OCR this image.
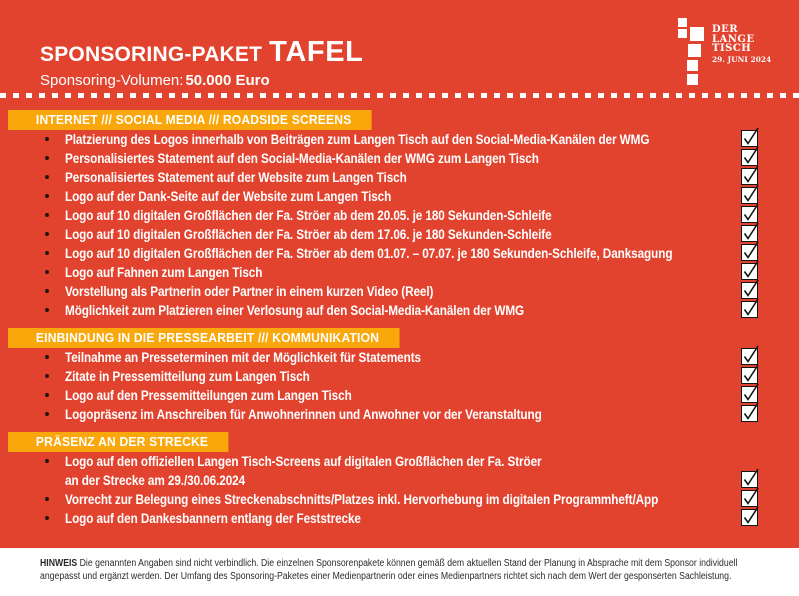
SPONSORING-PAKET TAFEL
Sponsoring-Volumen: 50.000 Euro
DER
LANGE
TISCH
29. JUNI 2024
INTERNET /// SOCIAL MEDIA /// ROADSIDE SCREENS
Platzierung des Logos innerhalb von Beiträgen zum Langen Tisch auf den Social-Media-Kanälen der WMG
Personalisiertes Statement auf den Social-Media-Kanälen der WMG zum Langen Tisch
Personalisiertes Statement auf der Website zum Langen Tisch
Logo auf der Dank-Seite auf der Website zum Langen Tisch
Logo auf 10 digitalen Großflächen der Fa. Ströer ab dem 20.05. je 180 Sekunden-Schleife
Logo auf 10 digitalen Großflächen der Fa. Ströer ab dem 17.06. je 180 Sekunden-Schleife
Logo auf 10 digitalen Großflächen der Fa. Ströer ab dem 01.07. – 07.07. je 180 Sekunden-Schleife, Danksagung
Logo auf Fahnen zum Langen Tisch
Vorstellung als Partnerin oder Partner in einem kurzen Video (Reel)
Möglichkeit zum Platzieren einer Verlosung auf den Social-Media-Kanälen der WMG
EINBINDUNG IN DIE PRESSEARBEIT /// KOMMUNIKATION
Teilnahme an Presseterminen mit der Möglichkeit für Statements
Zitate in Pressemitteilung zum Langen Tisch
Logo auf den Pressemitteilungen zum Langen Tisch
Logopräsenz im Anschreiben für Anwohnerinnen und Anwohner vor der Veranstaltung
PRÄSENZ AN DER STRECKE
Logo auf den offiziellen Langen Tisch-Screens auf digitalen Großflächen der Fa. Ströer
an der Strecke am 29./30.06.2024
Vorrecht zur Belegung eines Streckenabschnitts/Platzes inkl. Hervorhebung im digitalen Programmheft/App
Logo auf den Dankesbannern entlang der Feststrecke
HINWEIS Die genannten Angaben sind nicht verbindlich. Die einzelnen Sponsorenpakete können gemäß dem aktuellen Stand der Planung in Absprache mit dem Sponsor individuell
angepasst und ergänzt werden. Der Umfang des Sponsoring-Paketes einer Medienpartnerin oder eines Medienpartners richtet sich nach dem Wert der gesponserten Sachleistung.
